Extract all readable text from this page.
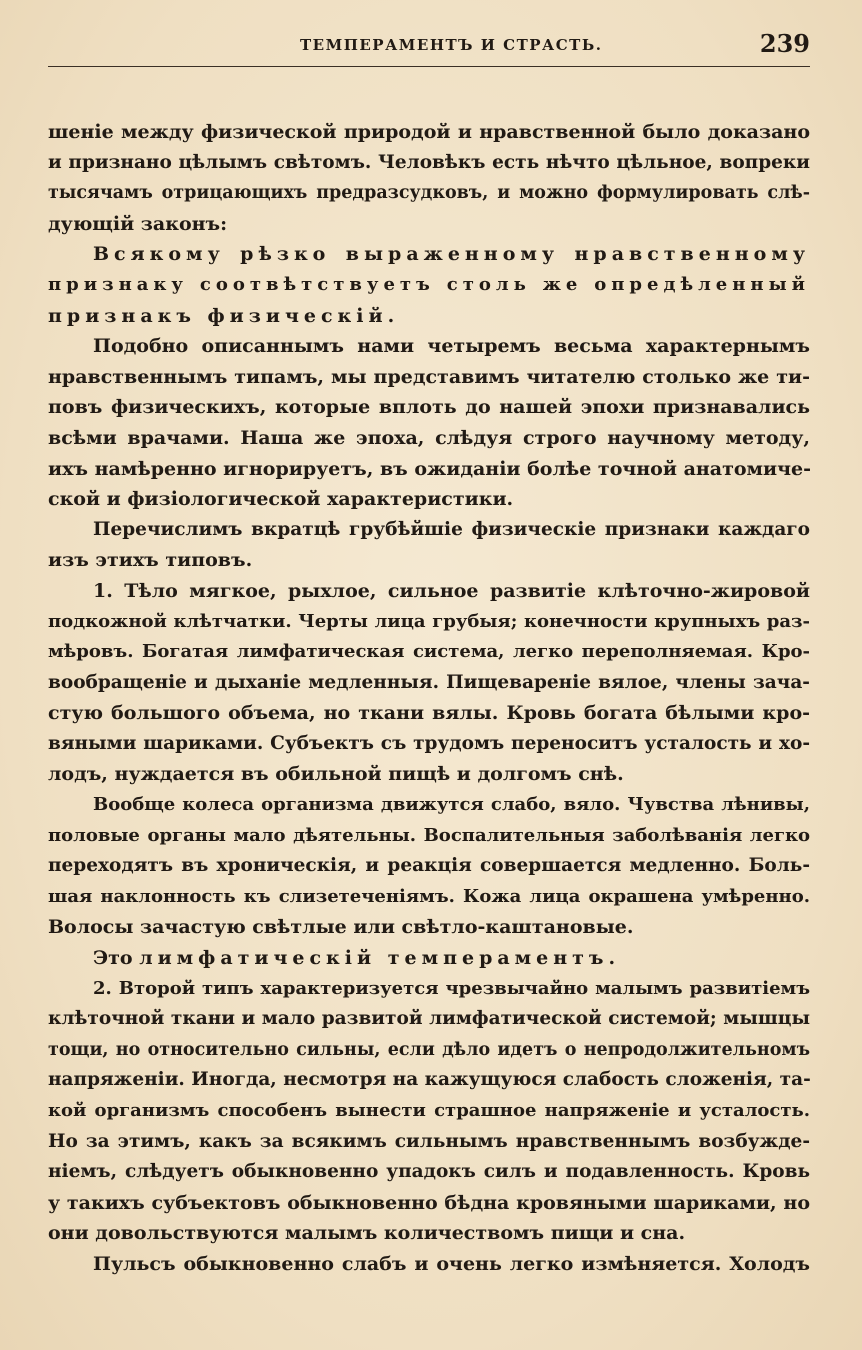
ТЕМПЕРАМЕНТЪ И СТРАСТЬ.	239
шеніе между физической природой и нравственной было доказано
и признано цѣлымъ свѣтомъ. Человѣкъ есть нѣчто цѣльное, вопреки
тысячамъ отрицающихъ предразсудковъ, и можно формулировать слѣ-
дующій законъ:
Всякому рѣзко выраженному нравственному
признаку соотвѣтствуетъ столь же опредѣленный
признакъ физическій.
Подобно описаннымъ нами четыремъ весьма характернымъ
нравственнымъ типамъ, мы представимъ читателю столько же ти-
повъ физическихъ, которые вплоть до нашей эпохи признавались
всѣми врачами. Наша же эпоха, слѣдуя строго научному методу,
ихъ намѣренно игнорируетъ, въ ожиданіи болѣе точной анатомиче-
ской и физіологической характеристики.
Перечислимъ вкратцѣ грубѣйшіе физическіе признаки каждаго
изъ этихъ типовъ.
1. Тѣло мягкое, рыхлое, сильное развитіе клѣточно-жировой
подкожной клѣтчатки. Черты лица грубыя; конечности крупныхъ раз-
мѣровъ. Богатая лимфатическая система, легко переполняемая. Кро-
вообращеніе и дыханіе медленныя. Пищевареніе вялое, члены зача-
стую большого объема, но ткани вялы. Кровь богата бѣлыми кро-
вяными шариками. Субъектъ съ трудомъ переноситъ усталость и хо-
лодъ, нуждается въ обильной пищѣ и долгомъ снѣ.
Вообще колеса организма движутся слабо, вяло. Чувства лѣнивы,
половые органы мало дѣятельны. Воспалительныя заболѣванія легко
переходятъ въ хроническія, и реакція совершается медленно. Боль-
шая наклонность къ слизетеченіямъ. Кожа лица окрашена умѣренно.
Волосы зачастую свѣтлые или свѣтло-каштановые.
Это лимфатическій темпераментъ.
2. Второй типъ характеризуется чрезвычайно малымъ развитіемъ
клѣточной ткани и мало развитой лимфатической системой; мышцы
тощи, но относительно сильны, если дѣло идетъ о непродолжительномъ
напряженіи. Иногда, несмотря на кажущуюся слабость сложенія, та-
кой организмъ способенъ вынести страшное напряженіе и усталость.
Но за этимъ, какъ за всякимъ сильнымъ нравственнымъ возбужде-
ніемъ, слѣдуетъ обыкновенно упадокъ силъ и подавленность. Кровь
у такихъ субъектовъ обыкновенно бѣдна кровяными шариками, но
они довольствуются малымъ количествомъ пищи и сна.
Пульсъ обыкновенно слабъ и очень легко измѣняется. Холодъ
